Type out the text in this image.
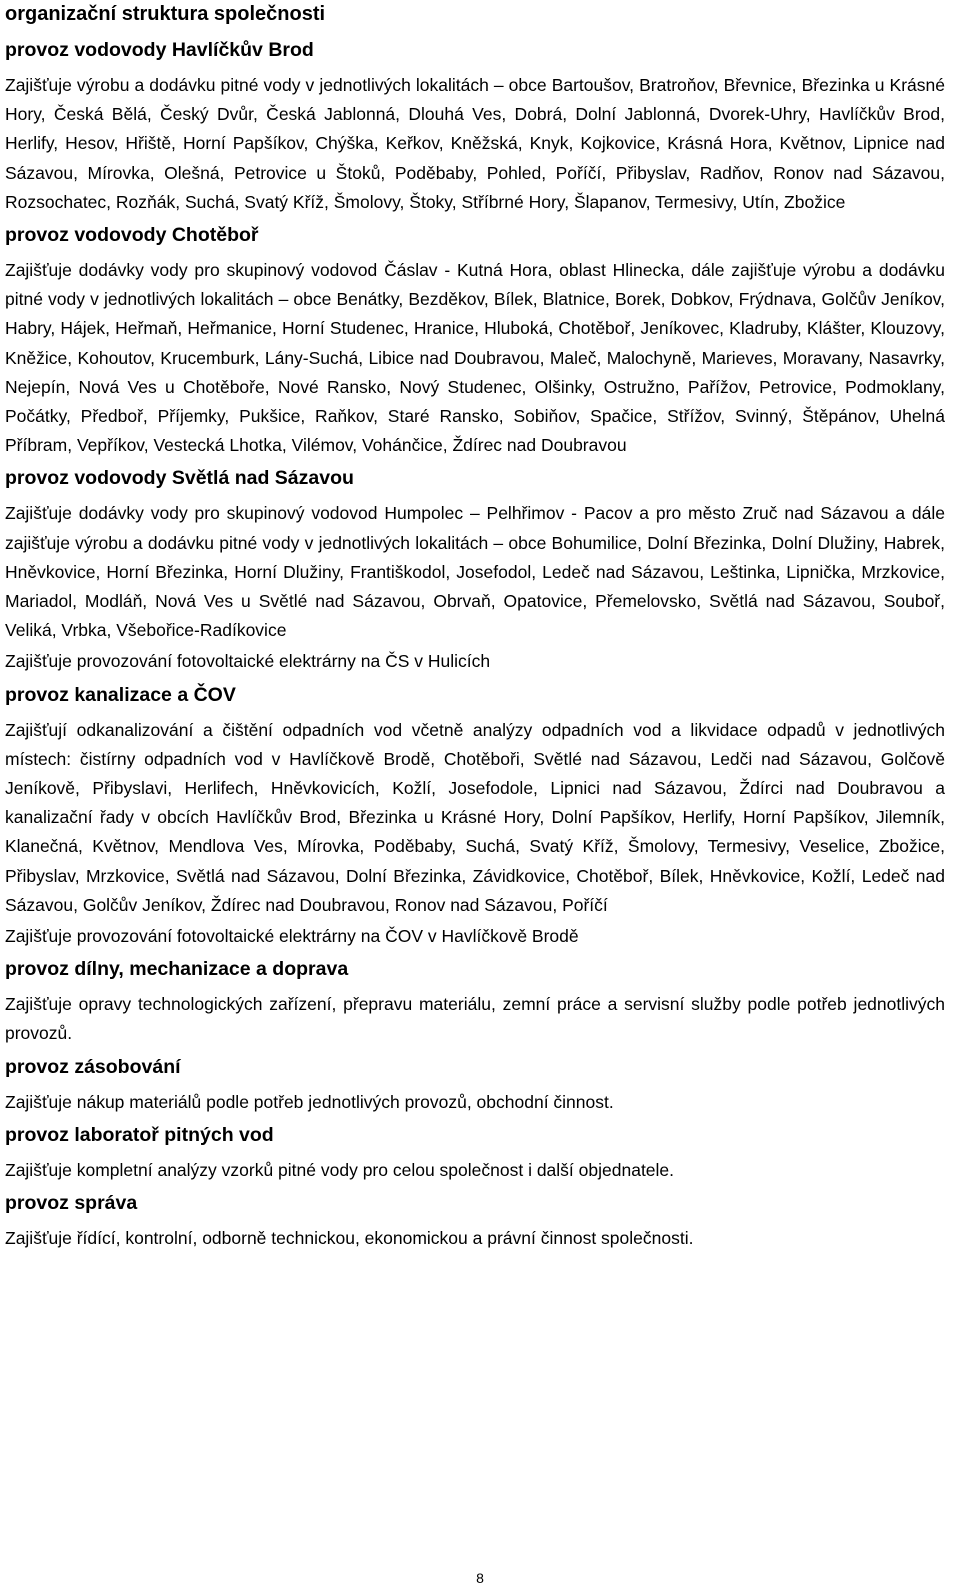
organizační struktura společnosti
provoz vodovody Havlíčkův Brod

Zajišťuje výrobu a dodávku pitné vody v jednotlivých lokalitách – obce Bartoušov, Bratroňov, Břevnice, Březinka u Krásné Hory, Česká Bělá, Český Dvůr, Česká Jablonná, Dlouhá Ves, Dobrá, Dolní Jablonná, Dvorek-Uhry, Havlíčkův Brod, Herlify, Hesov, Hřiště, Horní Papšíkov, Chýška, Keřkov, Kněžská, Knyk, Kojkovice, Krásná Hora, Květnov, Lipnice nad Sázavou, Mírovka, Olešná, Petrovice u Štoků, Poděbaby, Pohled, Poříčí, Přibyslav, Radňov, Ronov nad Sázavou, Rozsochatec, Rozňák, Suchá, Svatý Kříž, Šmolovy, Štoky, Stříbrné Hory, Šlapanov, Termesivy, Utín, Zbožice

provoz vodovody Chotěboř

Zajišťuje dodávky vody pro skupinový vodovod Čáslav - Kutná Hora, oblast Hlinecka, dále zajišťuje výrobu a dodávku pitné vody v jednotlivých lokalitách – obce Benátky, Bezděkov, Bílek, Blatnice, Borek, Dobkov, Frýdnava, Golčův Jeníkov, Habry, Hájek, Heřmaň, Heřmanice, Horní Studenec, Hranice, Hluboká, Chotěboř, Jeníkovec, Kladruby, Klášter, Klouzovy, Kněžice, Kohoutov, Krucemburk, Lány-Suchá, Libice nad Doubravou, Maleč, Malochyně, Marieves, Moravany, Nasavrky, Nejepín, Nová Ves u Chotěboře, Nové Ransko, Nový Studenec, Olšinky, Ostružno, Pařížov, Petrovice, Podmoklany, Počátky, Předboř, Příjemky, Pukšice, Raňkov, Staré Ransko, Sobiňov, Spačice, Střížov, Svinný, Štěpánov, Uhelná Příbram, Vepříkov, Vestecká Lhotka, Vilémov, Vohánčice, Ždírec nad Doubravou

provoz vodovody Světlá nad Sázavou

Zajišťuje dodávky vody pro skupinový vodovod Humpolec – Pelhřimov - Pacov a pro město Zruč nad Sázavou a dále zajišťuje výrobu a dodávku pitné vody v jednotlivých lokalitách – obce Bohumilice, Dolní Březinka, Dolní Dlužiny, Habrek, Hněvkovice, Horní Březinka, Horní Dlužiny, Františkodol, Josefodol, Ledeč nad Sázavou, Leštinka, Lipnička, Mrzkovice, Mariadol, Modláň, Nová Ves u Světlé nad Sázavou, Obrvaň, Opatovice, Přemelovsko, Světlá nad Sázavou, Souboř, Veliká, Vrbka, Všebořice-Radíkovice

Zajišťuje provozování fotovoltaické elektrárny na ČS v Hulicích

provoz kanalizace a ČOV

Zajišťují odkanalizování a čištění odpadních vod včetně analýzy odpadních vod a likvidace odpadů v jednotlivých místech: čistírny odpadních vod v Havlíčkově Brodě, Chotěboři, Světlé nad Sázavou, Ledči nad Sázavou, Golčově Jeníkově, Přibyslavi, Herlifech, Hněvkovicích, Kožlí, Josefodole, Lipnici nad Sázavou, Ždírci nad Doubravou a kanalizační řady v obcích Havlíčkův Brod, Březinka u Krásné Hory, Dolní Papšíkov, Herlify, Horní Papšíkov, Jilemník, Klanečná, Květnov, Mendlova Ves, Mírovka, Poděbaby, Suchá, Svatý Kříž, Šmolovy, Termesivy, Veselice, Zbožice, Přibyslav, Mrzkovice, Světlá nad Sázavou, Dolní Březinka, Závidkovice, Chotěboř, Bílek, Hněvkovice, Kožlí, Ledeč nad Sázavou, Golčův Jeníkov, Ždírec nad Doubravou, Ronov nad Sázavou, Poříčí

Zajišťuje provozování fotovoltaické elektrárny na ČOV v Havlíčkově Brodě

provoz dílny, mechanizace a doprava

Zajišťuje opravy technologických zařízení, přepravu materiálu, zemní práce a servisní služby podle potřeb jednotlivých provozů.

provoz zásobování

Zajišťuje nákup materiálů podle potřeb jednotlivých provozů, obchodní činnost.

provoz laboratoř pitných vod

Zajišťuje kompletní analýzy vzorků pitné vody pro celou společnost i další objednatele.

provoz správa

Zajišťuje řídící, kontrolní, odborně technickou, ekonomickou a právní činnost společnosti.

8
